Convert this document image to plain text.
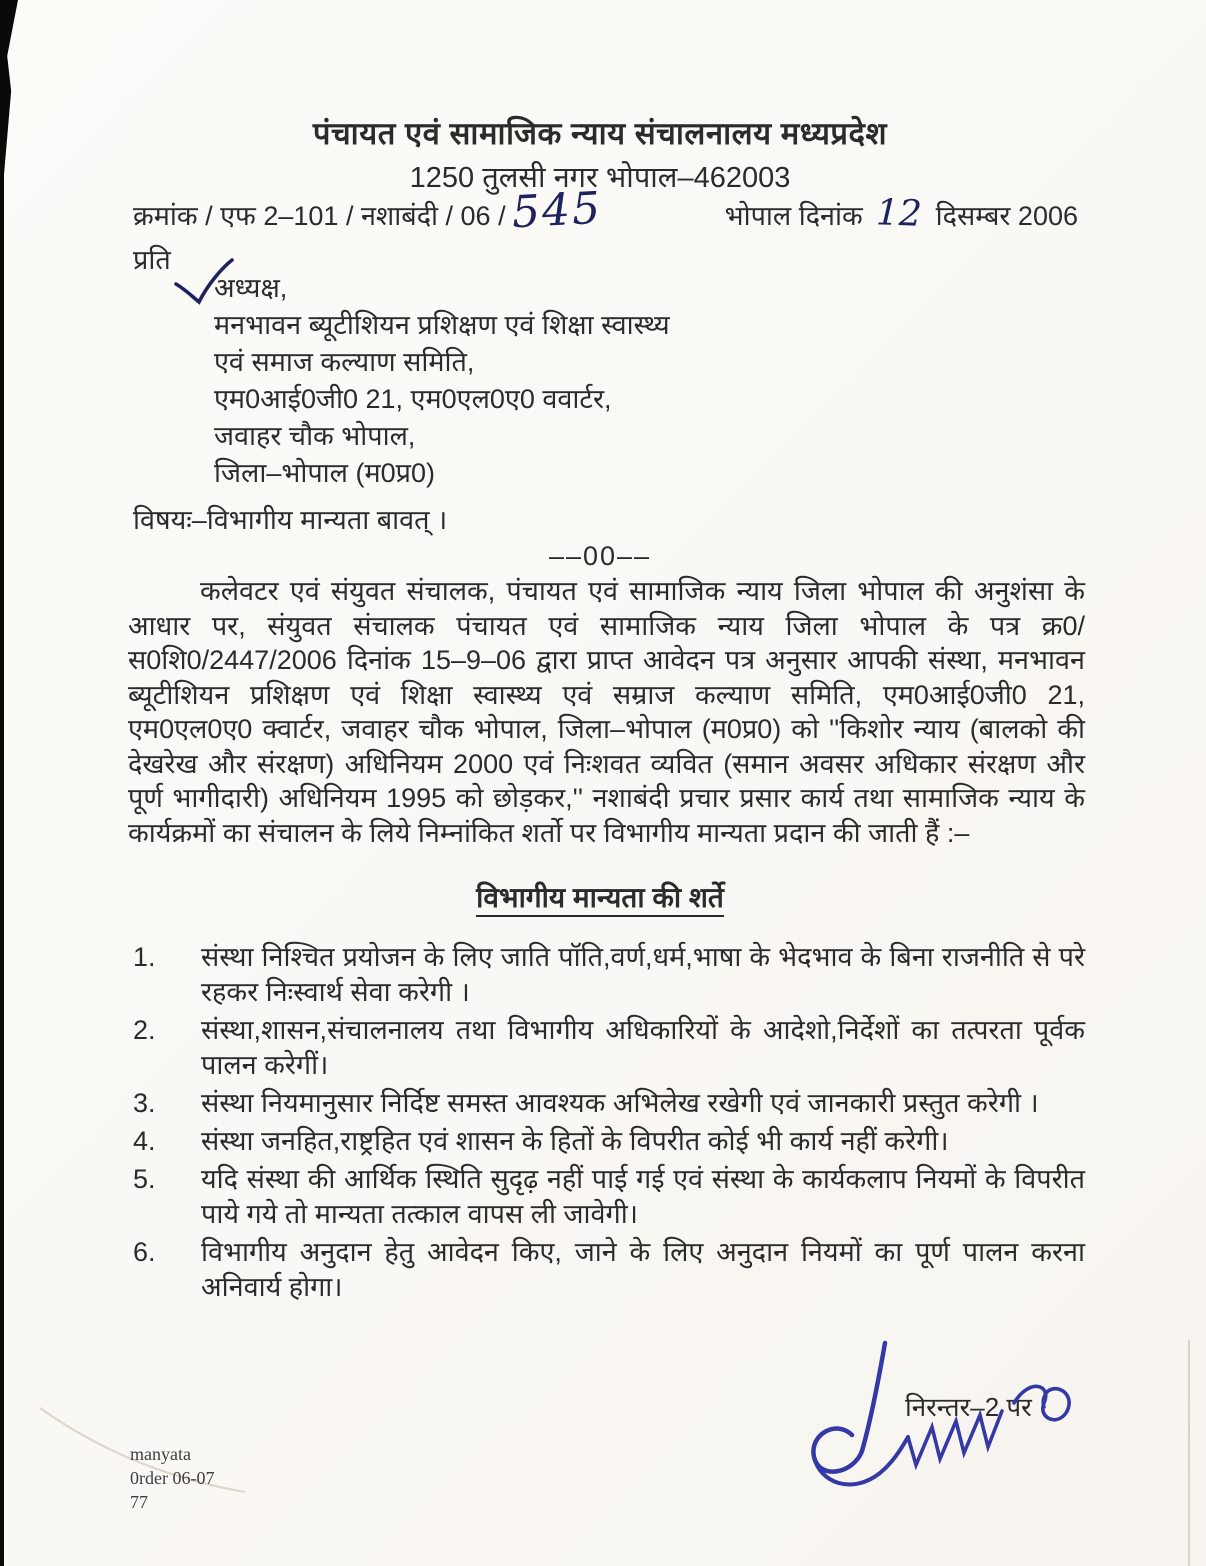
पंचायत एवं सामाजिक न्याय संचालनालय मध्यप्रदेश
1250 तुलसी नगर भोपाल–462003
क्रमांक / एफ 2–101 / नशाबंदी / 06 / 545	भोपाल दिनांक 12 दिसम्बर 2006
प्रति
अध्यक्ष,
मनभावन ब्यूटीशियन प्रशिक्षण एवं शिक्षा स्वास्थ्य
एवं समाज कल्याण समिति,
एम0आई0जी0 21, एम0एल0ए0 ववार्टर,
जवाहर चौक भोपाल,
जिला–भोपाल (म0प्र0)
विषयः–विभागीय मान्यता बावत् ।
––00––
कलेवटर एवं संयुवत संचालक, पंचायत एवं सामाजिक न्याय जिला भोपाल की अनुशंसा के आधार पर, संयुवत संचालक पंचायत एवं सामाजिक न्याय जिला भोपाल के पत्र क्र0/स0शि0/2447/2006 दिनांक 15–9–06 द्वारा प्राप्त आवेदन पत्र अनुसार आपकी संस्था, मनभावन ब्यूटीशियन प्रशिक्षण एवं शिक्षा स्वास्थ्य एवं सम्राज कल्याण समिति, एम0आई0जी0 21, एम0एल0ए0 क्वार्टर, जवाहर चौक भोपाल, जिला–भोपाल (म0प्र0) को ''किशोर न्याय (बालको की देखरेख और संरक्षण) अधिनियम 2000 एवं निःशवत व्यवित (समान अवसर अधिकार संरक्षण और पूर्ण भागीदारी) अधिनियम 1995 को छोड़कर,'' नशाबंदी प्रचार प्रसार कार्य तथा सामाजिक न्याय के कार्यक्रमों का संचालन के लिये निम्नांकित शर्तो पर विभागीय मान्यता प्रदान की जाती हैं :–
विभागीय मान्यता की शर्ते
1.	संस्था निश्चित प्रयोजन के लिए जाति पॉति,वर्ण,धर्म,भाषा के भेदभाव के बिना राजनीति से परे रहकर निःस्वार्थ सेवा करेगी ।
2.	संस्था,शासन,संचालनालय तथा विभागीय अधिकारियों के आदेशो,निर्देशों का तत्परता पूर्वक पालन करेगीं।
3.	संस्था नियमानुसार निर्दिष्ट समस्त आवश्यक अभिलेख रखेगी एवं जानकारी प्रस्तुत करेगी ।
4.	संस्था जनहित,राष्ट्रहित एवं शासन के हितों के विपरीत कोई भी कार्य नहीं करेगी।
5.	यदि संस्था की आर्थिक स्थिति सुदृढ़ नहीं पाई गई एवं संस्था के कार्यकलाप नियमों के विपरीत पाये गये तो मान्यता तत्काल वापस ली जावेगी।
6.	विभागीय अनुदान हेतु आवेदन किए, जाने के लिए अनुदान नियमों का पूर्ण पालन करना अनिवार्य होगा।
निरन्तर–2 पर
manyata
0rder 06-07
77
